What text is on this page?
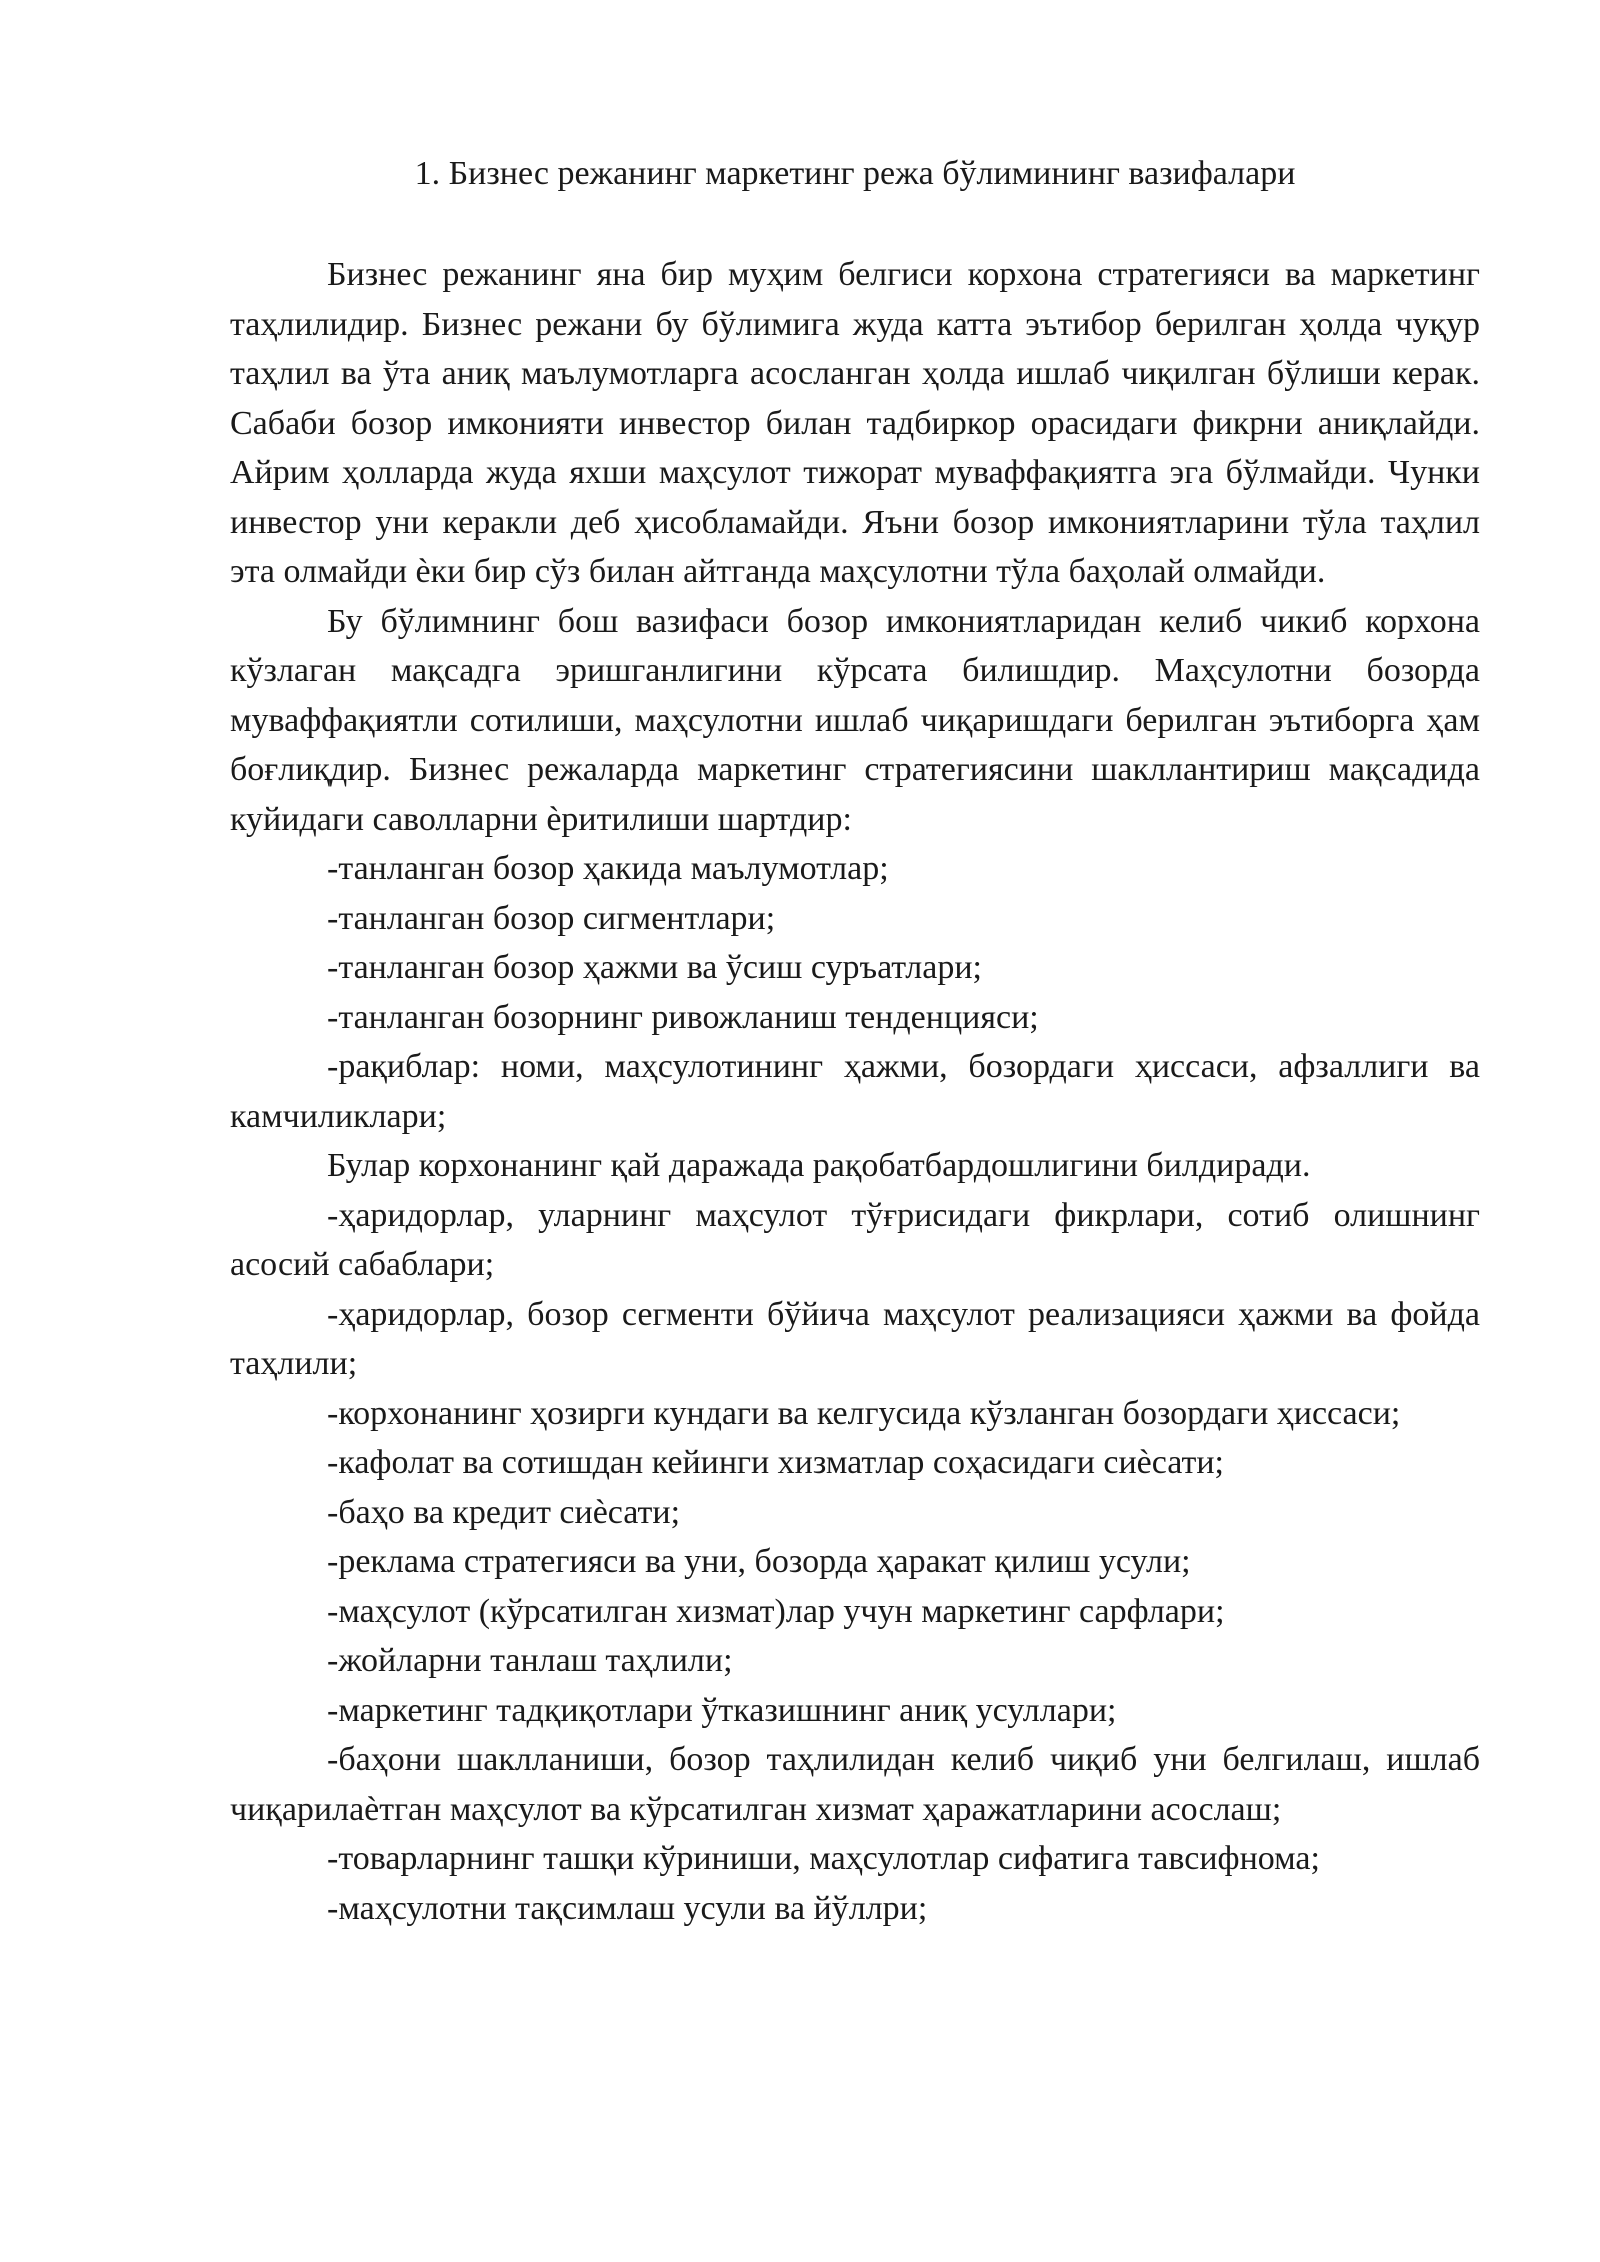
1. Бизнес режанинг маркетинг режа бўлимининг вазифалари

Бизнес режанинг яна бир муҳим белгиси корхона стратегияси ва маркетинг таҳлилидир. Бизнес режани бу бўлимига жуда катта эътибор берилган ҳолда чуқур таҳлил ва ўта аниқ маълумотларга асосланган ҳолда ишлаб чиқилган бўлиши керак. Сабаби бозор имконияти инвестор билан тадбиркор орасидаги фикрни аниқлайди. Айрим ҳолларда жуда яхши маҳсулот тижорат муваффақиятга эга бўлмайди. Чунки инвестор уни керакли деб ҳисобламайди. Яъни бозор имкониятларини тўла таҳлил эта олмайди ѐки бир сўз билан айтганда маҳсулотни тўла баҳолай олмайди.

Бу бўлимнинг бош вазифаси бозор имкониятларидан келиб чикиб корхона кўзлаган мақсадга эришганлигини кўрсата билишдир. Маҳсулотни бозорда муваффақиятли сотилиши, маҳсулотни ишлаб чиқаришдаги берилган эътиборга ҳам боғлиқдир. Бизнес режаларда маркетинг стратегиясини шакллантириш мақсадида куйидаги саволларни ѐритилиши шартдир:

-танланган бозор ҳакида маълумотлар;

-танланган бозор сигментлари;

-танланган бозор ҳажми ва ўсиш суръатлари;

-танланган бозорнинг ривожланиш тенденцияси;

-рақиблар: номи, маҳсулотининг ҳажми, бозордаги ҳиссаси, афзаллиги ва камчиликлари;

Булар корхонанинг қай даражада рақобатбардошлигини билдиради.

-ҳаридорлар, уларнинг маҳсулот тўғрисидаги фикрлари, сотиб олишнинг асосий сабаблари;

-ҳаридорлар, бозор сегменти бўйича маҳсулот реализацияси ҳажми ва фойда таҳлили;

-корхонанинг ҳозирги кундаги ва келгусида кўзланган бозордаги ҳиссаси;

-кафолат ва сотишдан кейинги хизматлар соҳасидаги сиѐсати;

-баҳо ва кредит сиѐсати;

-реклама стратегияси ва уни, бозорда ҳаракат қилиш усули;

-маҳсулот (кўрсатилган хизмат)лар учун маркетинг сарфлари;

-жойларни танлаш таҳлили;

-маркетинг тадқиқотлари ўтказишнинг аниқ усуллари;

-баҳони шаклланиши, бозор таҳлилидан келиб чиқиб уни белгилаш, ишлаб чиқарилаѐтган маҳсулот ва кўрсатилган хизмат ҳаражатларини асослаш;

-товарларнинг ташқи кўриниши, маҳсулотлар сифатига тавсифнома;

-маҳсулотни тақсимлаш усули ва йўллри;
